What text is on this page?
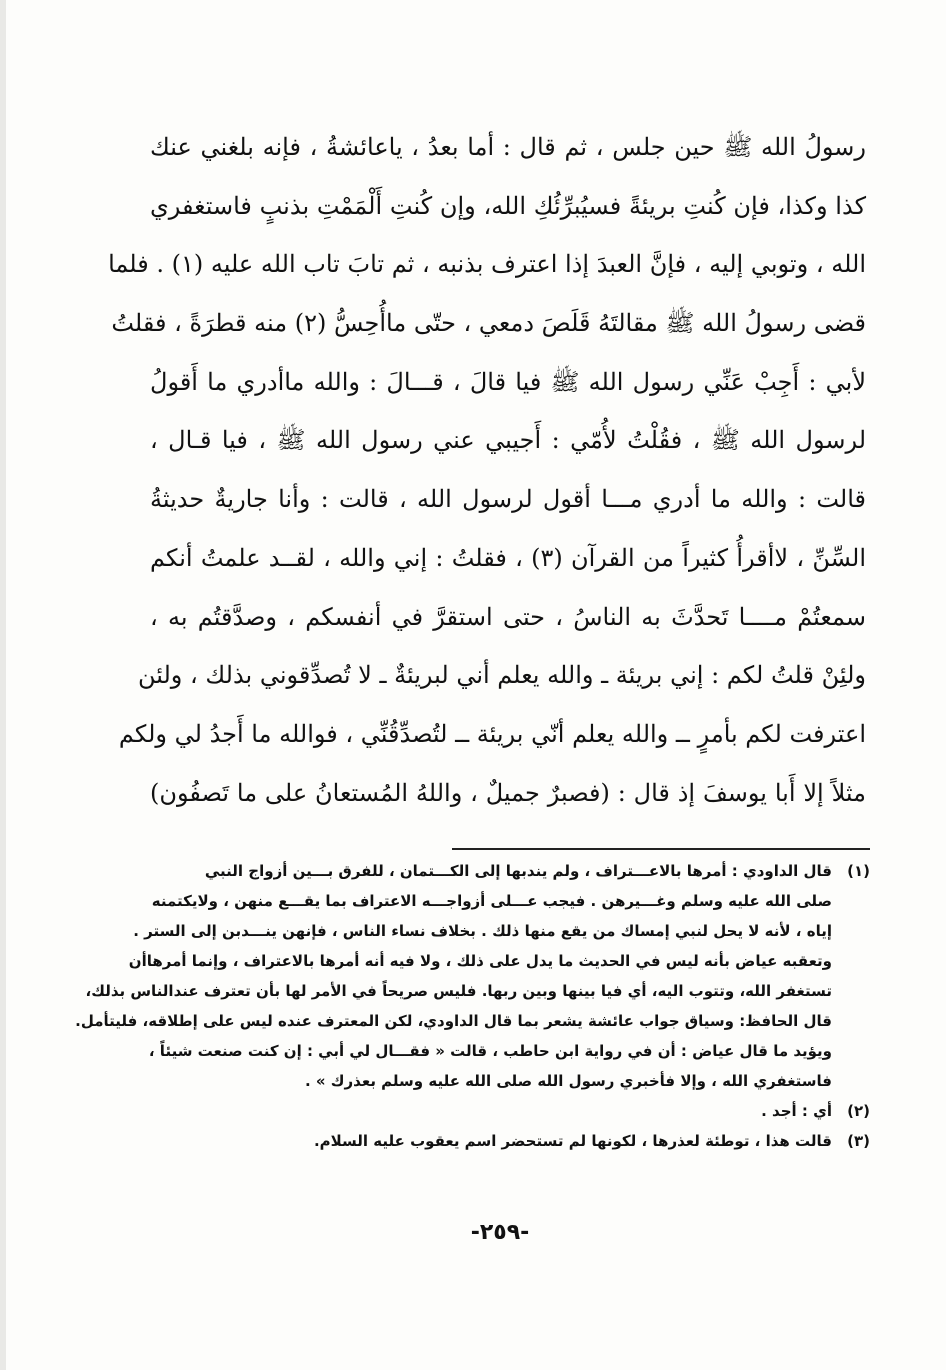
رسولُ الله ﷺ حين جلس ، ثم قال : أما بعدُ ، ياعائشةُ ، فإنه بلغني عنك
كذا وكذا، فإن كُنتِ بريئةً فسيُبرِّئُكِ الله، وإن كُنتِ أَلْمَمْتِ بذنبٍ فاستغفري
الله ، وتوبي إليه ، فإنَّ العبدَ إذا اعترف بذنبه ، ثم تابَ تاب الله عليه (١) . فلما
قضى رسولُ الله ﷺ مقالتَهُ قَلَصَ دمعي ، حتّى ماأُحِسُّ (٢) منه قطرَةً ، فقلتُ
لأبي : أَجِبْ عَنِّي رسول الله ﷺ فيا قالَ ، قـــالَ : والله ماأدري ما أَقولُ
لرسول الله ﷺ ، فقُلْتُ لأُمّي : أَجيبي عني رسول الله ﷺ ، فيا قـال ،
قالت : والله ما أدري مـــا أقول لرسول الله ، قالت : وأنا جاريةٌ حديثةُ
السِّنِّ ، لاأقرأُ كثيراً من القرآن (٣) ، فقلتُ : إني والله ، لقــد علمتُ أنكم
سمعتُمْ مــــا تَحدَّثَ به الناسُ ، حتى استقرَّ في أنفسكم ، وصدَّقتُم به ،
ولئِنْ قلتُ لكم : إني بريئة ـ والله يعلم أني لبريئةٌ ـ لا تُصدِّقوني بذلك ، ولئن
اعترفت لكم بأمرٍ ــ والله يعلم أنّي بريئة ــ لتُصدِّقُنِّي ، فوالله ما أَجدُ لي ولكم
مثلاً إلا أَبا يوسفَ إذ قال : (فصبرٌ جميلٌ ، واللهُ المُستعانُ على ما تَصفُون)
(١)قال الداودي : أمرها بالاعـــتراف ، ولم يندبها إلى الكـــتمان ، للفرق بـــين أزواج النبي
صلى الله عليه وسلم وغـــيرهن . فيجب عـــلى أزواجـــه الاعتراف بما يقـــع منهن ، ولايكتمنه
إياه ، لأنه لا يحل لنبي إمساك من يقع منها ذلك . بخلاف نساء الناس ، فإنهن ينـــدبن إلى الستر .
وتعقبه عياض بأنه ليس في الحديث ما يدل على ذلك ، ولا فيه أنه أمرها بالاعتراف ، وإنما أمرهاأن
تستغفر الله، وتتوب اليه، أي فيا بينها وبين ربها. فليس صريحاً في الأمر لها بأن تعترف عندالناس بذلك،
قال الحافظ: وسياق جواب عائشة يشعر بما قال الداودي، لكن المعترف عنده ليس على إطلاقه، فليتأمل.
ويؤيد ما قال عياض : أن في رواية ابن حاطب ، قالت « فقـــال لي أبي : إن كنت صنعت شيئاً ،
فاستغفري الله ، وإلا فأخبري رسول الله صلى الله عليه وسلم بعذرك » .
(٢)أي : أجد .
(٣)قالت هذا ، توطئة لعذرها ، لكونها لم تستحضر اسم يعقوب عليه السلام.
-٢٥٩-
